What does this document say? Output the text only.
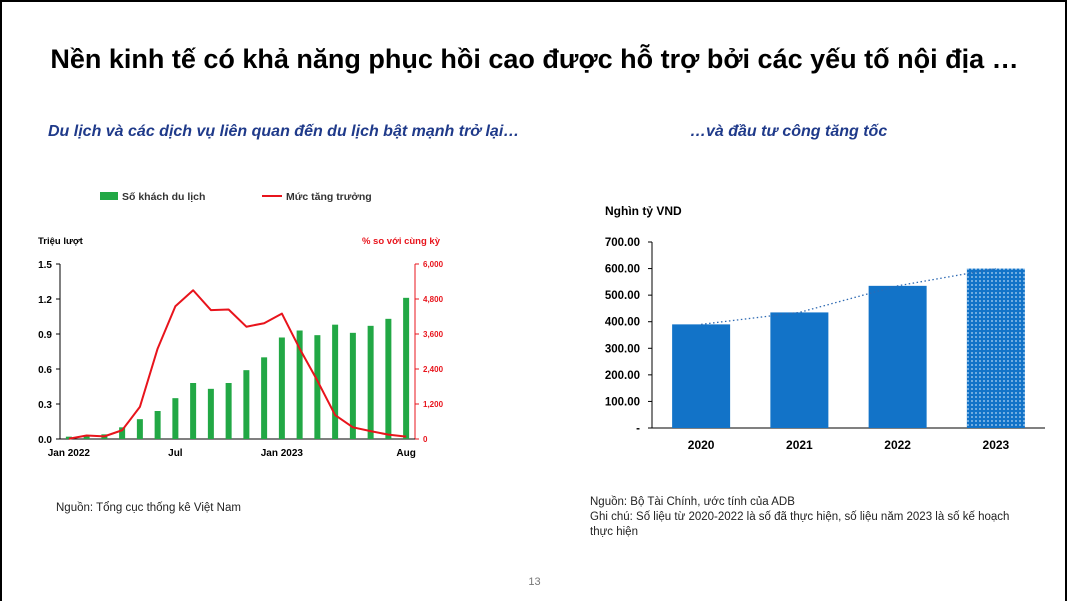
Nền kinh tế có khả năng phục hồi cao được hỗ trợ bởi các yếu tố nội địa …
Du lịch và các dịch vụ liên quan đến du lịch bật mạnh trở lại…	…và đầu tư công tăng tốc
Số khách du lịch	Mức tăng trưởng
Triệu lượt	% so với cùng kỳ
0.0
0.3
0.6
0.9
1.2
1.5
0
1,200
2,400
3,600
4,800
6,000
Jan 2022	Jul	Jan 2023	Aug
Nghìn tỷ VND
-
100.00
200.00
300.00
400.00
500.00
600.00
700.00
2020	2021	2022	2023
Nguồn: Tổng cục thống kê Việt Nam	Nguồn: Bộ Tài Chính, ước tính của ADB
Ghi chú: Số liệu từ 2020-2022 là số đã thực hiện, số liệu năm 2023 là số kế hoạch
thực hiện
13
